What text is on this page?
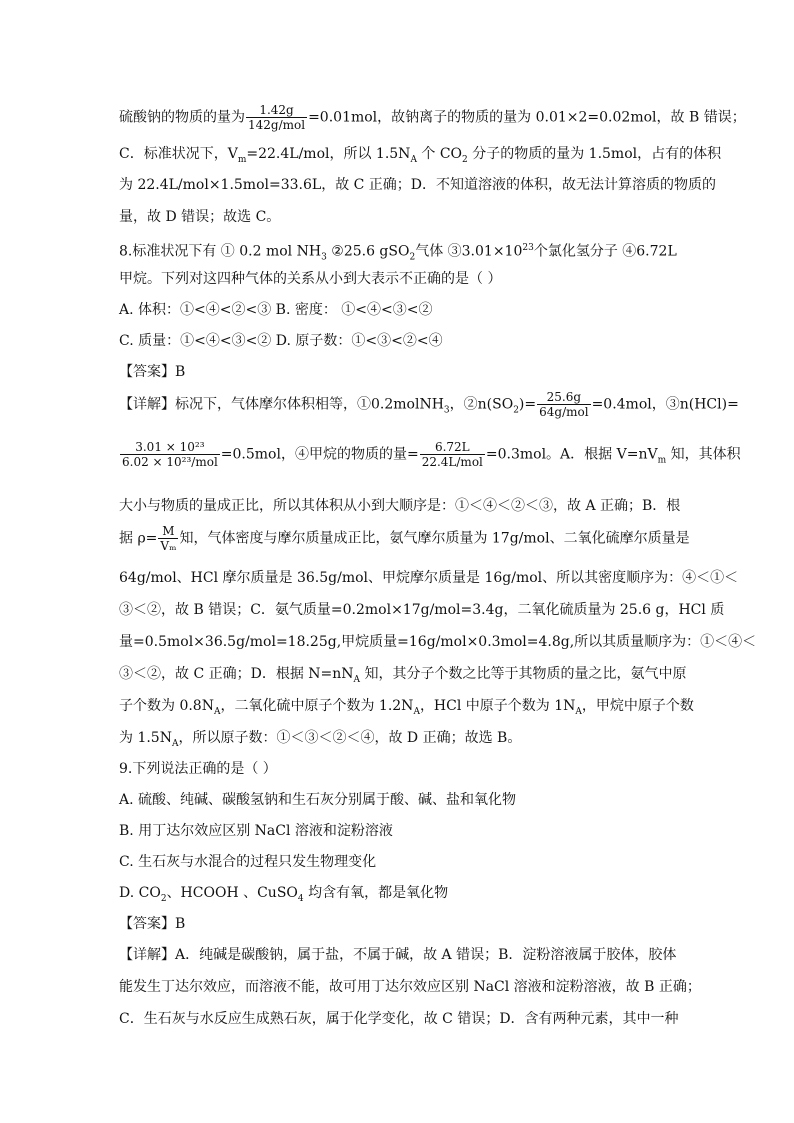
硫酸钠的物质的量为 $\frac{1.42g}{\text{142g/mol}} =0.01mol$，故钠离子的物质的量为 0.01×2=0.02mol，故 B 错误；
C．标准状况下，$V_m=22.4L$/mol，所以 $1.5N_A$ 个 $CO_2$ 分子的物质的量为 1.5mol，占有的体积
为 22.4L/mol×1.5mol=33.6L，故 C 正确；D．不知道溶液的体积，故无法计算溶质的物质的
量，故 D 错误；故选 C。
8.标准状况下有 ① 0.2 mol $NH_3$ ②25.6 gSO$_2$气体 $③3.01\times 10^{23}$个氯化氢分子 ④6.72L
甲烷。下列对这四种气体的关系从小到大表示不正确的是（ ）
A. 体积：①<④<②<③ B. 密度： ①<④<③<②
C. 质量：①<④<③<② D. 原子数：①<③<②<④
【答案】B
【详解】标况下，气体摩尔体积相等，①0.2molNH$_3$，$②n(SO_2)= \frac{25.6g}{\text{64g/mol}} =0.4mol$，③n(HCl)=
$\frac{\text{3.01 × 10²³}}{\text{6.02 × 10²³/mol}} =0.5mol$，④甲烷的物质的量= $\frac{6.72L}{\text{22.4L/mol}} =0.3mol$。A．根据 $V=nV_m$ 知，其体积
大小与物质的量成正比，所以其体积从小到大顺序是：①＜④＜②＜③，故 A 正确；B．根
据 $\rho= \frac{M}{\text{Vₘ}}$ 知，气体密度与摩尔质量成正比，氨气摩尔质量为 17g/mol、二氧化硫摩尔质量是
64g/mol、HCl 摩尔质量是 36.5g/mol、甲烷摩尔质量是 16g/mol、所以其密度顺序为：④＜①＜
③＜②，故 B 错误；C．氨气质量=0.2mol×17g/mol=3.4g，二氧化硫质量为 25.6 g，HCl 质
量=0.5mol×36.5g/mol=18.25g,甲烷质量=16g/mol×0.3mol=4.8g,所以其质量顺序为：①＜④＜
③＜②，故 C 正确；D．根据 $N=nN_A$ 知，其分子个数之比等于其物质的量之比，氨气中原
子个数为 $0.8N_A$，二氧化硫中原子个数为 $1.2N_A$，HCl 中原子个数为 $1N_A$，甲烷中原子个数
为 $1.5N_A$，所以原子数：①＜③＜②＜④，故 D 正确；故选 B。
9.下列说法正确的是（ ）
A. 硫酸、纯碱、碳酸氢钠和生石灰分别属于酸、碱、盐和氧化物
B. 用丁达尔效应区别 NaCl 溶液和淀粉溶液
C. 生石灰与水混合的过程只发生物理变化
D. $CO_2$、HCOOH 、CuSO$_4$ 均含有氧，都是氧化物
【答案】B
【详解】A．纯碱是碳酸钠，属于盐，不属于碱，故 A 错误；B．淀粉溶液属于胶体，胶体
能发生丁达尔效应，而溶液不能，故可用丁达尔效应区别 NaCl 溶液和淀粉溶液，故 B 正确；
C．生石灰与水反应生成熟石灰，属于化学变化，故 C 错误；D．含有两种元素，其中一种
